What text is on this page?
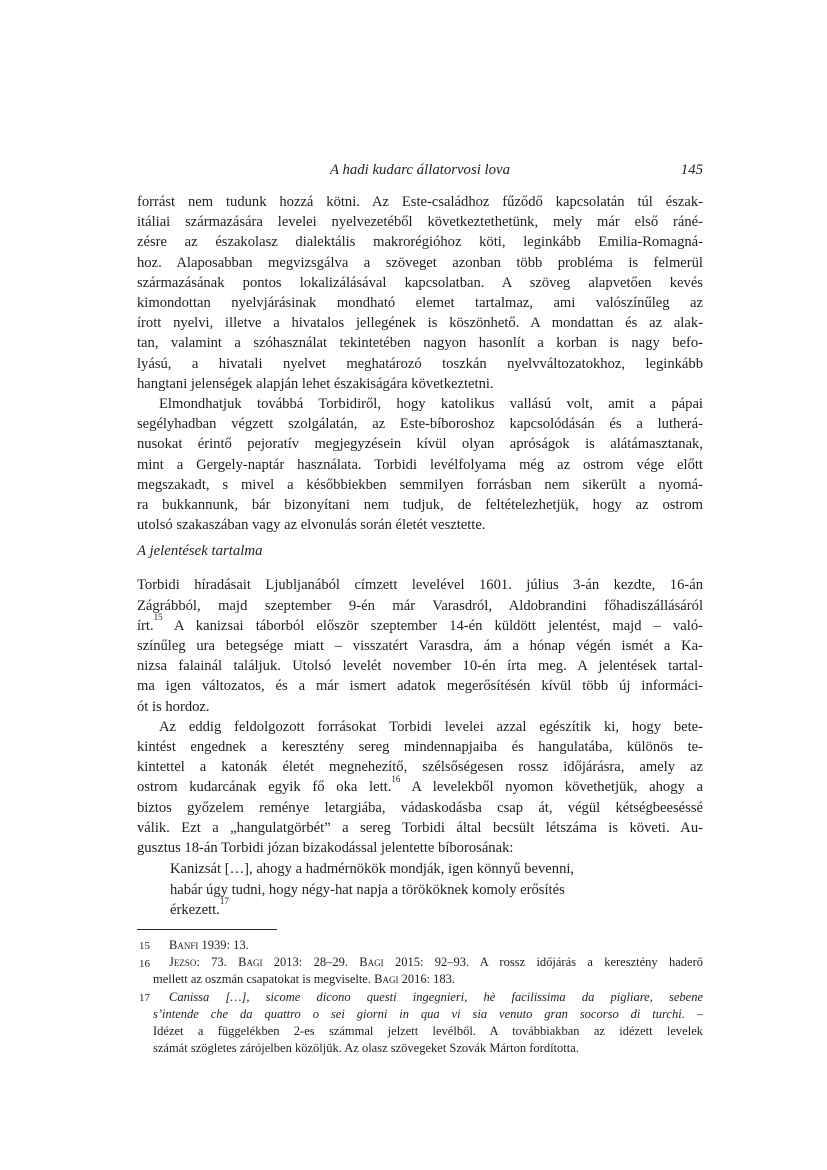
A hadi kudarc állatorvosi lova	145
forrást nem tudunk hozzá kötni. Az Este-családhoz fűződő kapcsolatán túl észak-
itáliai származására levelei nyelvezetéből következtethetünk, mely már első ráné-
zésre az északolasz dialektális makrorégióhoz köti, leginkább Emilia-Romagná-
hoz. Alaposabban megvizsgálva a szöveget azonban több probléma is felmerül
származásának pontos lokalizálásával kapcsolatban. A szöveg alapvetően kevés
kimondottan nyelvjárásinak mondható elemet tartalmaz, ami valószínűleg az
írott nyelvi, illetve a hivatalos jellegének is köszönhető. A mondattan és az alak-
tan, valamint a szóhasználat tekintetében nagyon hasonlít a korban is nagy befo-
lyású, a hivatali nyelvet meghatározó toszkán nyelvváltozatokhoz, leginkább
hangtani jelenségek alapján lehet északiságára következtetni.
Elmondhatjuk továbbá Torbidiről, hogy katolikus vallású volt, amit a pápai
segélyhadban végzett szolgálatán, az Este-bíboroshoz kapcsolódásán és a lutherá-
nusokat érintő pejoratív megjegyzésein kívül olyan apróságok is alátámasztanak,
mint a Gergely-naptár használata. Torbidi levélfolyama még az ostrom vége előtt
megszakadt, s mivel a későbbiekben semmilyen forrásban nem sikerült a nyomá-
ra bukkannunk, bár bizonyítani nem tudjuk, de feltételezhetjük, hogy az ostrom
utolsó szakaszában vagy az elvonulás során életét vesztette.
A jelentések tartalma
Torbidi híradásait Ljubljanából címzett levelével 1601. július 3-án kezdte, 16-án
Zágrábból, majd szeptember 9-én már Varasdról, Aldobrandini főhadiszállásáról
írt.$^{15}$ A kanizsai táborból először szeptember 14-én küldött jelentést, majd – való-
színűleg ura betegsége miatt – visszatért Varasdra, ám a hónap végén ismét a Ka-
nizsa falainál találjuk. Utolsó levelét november 10-én írta meg. A jelentések tartal-
ma igen változatos, és a már ismert adatok megerősítésén kívül több új informáci-
ót is hordoz.
Az eddig feldolgozott forrásokat Torbidi levelei azzal egészítik ki, hogy bete-
kintést engednek a keresztény sereg mindennapjaiba és hangulatába, különös te-
kintettel a katonák életét megnehezítő, szélsőségesen rossz időjárásra, amely az
ostrom kudarcának egyik fő oka lett.$^{16}$ A levelekből nyomon követhetjük, ahogy a
biztos győzelem reménye letargiába, vádaskodásba csap át, végül kétségbeeséssé
válik. Ezt a „hangulatgörbét” a sereg Torbidi által becsült létszáma is követi. Au-
gusztus 18-án Torbidi józan bizakodással jelentette bíborosának:
Kanizsát […], ahogy a hadmérnökök mondják, igen könnyű bevenni,
habár úgy tudni, hogy négy-hat napja a törököknek komoly erősítés
érkezett.$^{17}$
15	Banfi 1939: 13.
16	Jezso: 73. Bagi 2013: 28–29. Bagi 2015: 92–93. A rossz időjárás a keresztény haderő
mellett az oszmán csapatokat is megviselte. Bagi 2016: 183.
17	Canissa […], sicome dicono questi ingegnieri, hè facilissima da pigliare, sebene
s’intende che da quattro o sei giorni in qua vi sia venuto gran socorso di turchi. –
Idézet a függelékben 2-es számmal jelzett levélből. A továbbiakban az idézett levelek
számát szögletes zárójelben közöljük. Az olasz szövegeket Szovák Márton fordította.
